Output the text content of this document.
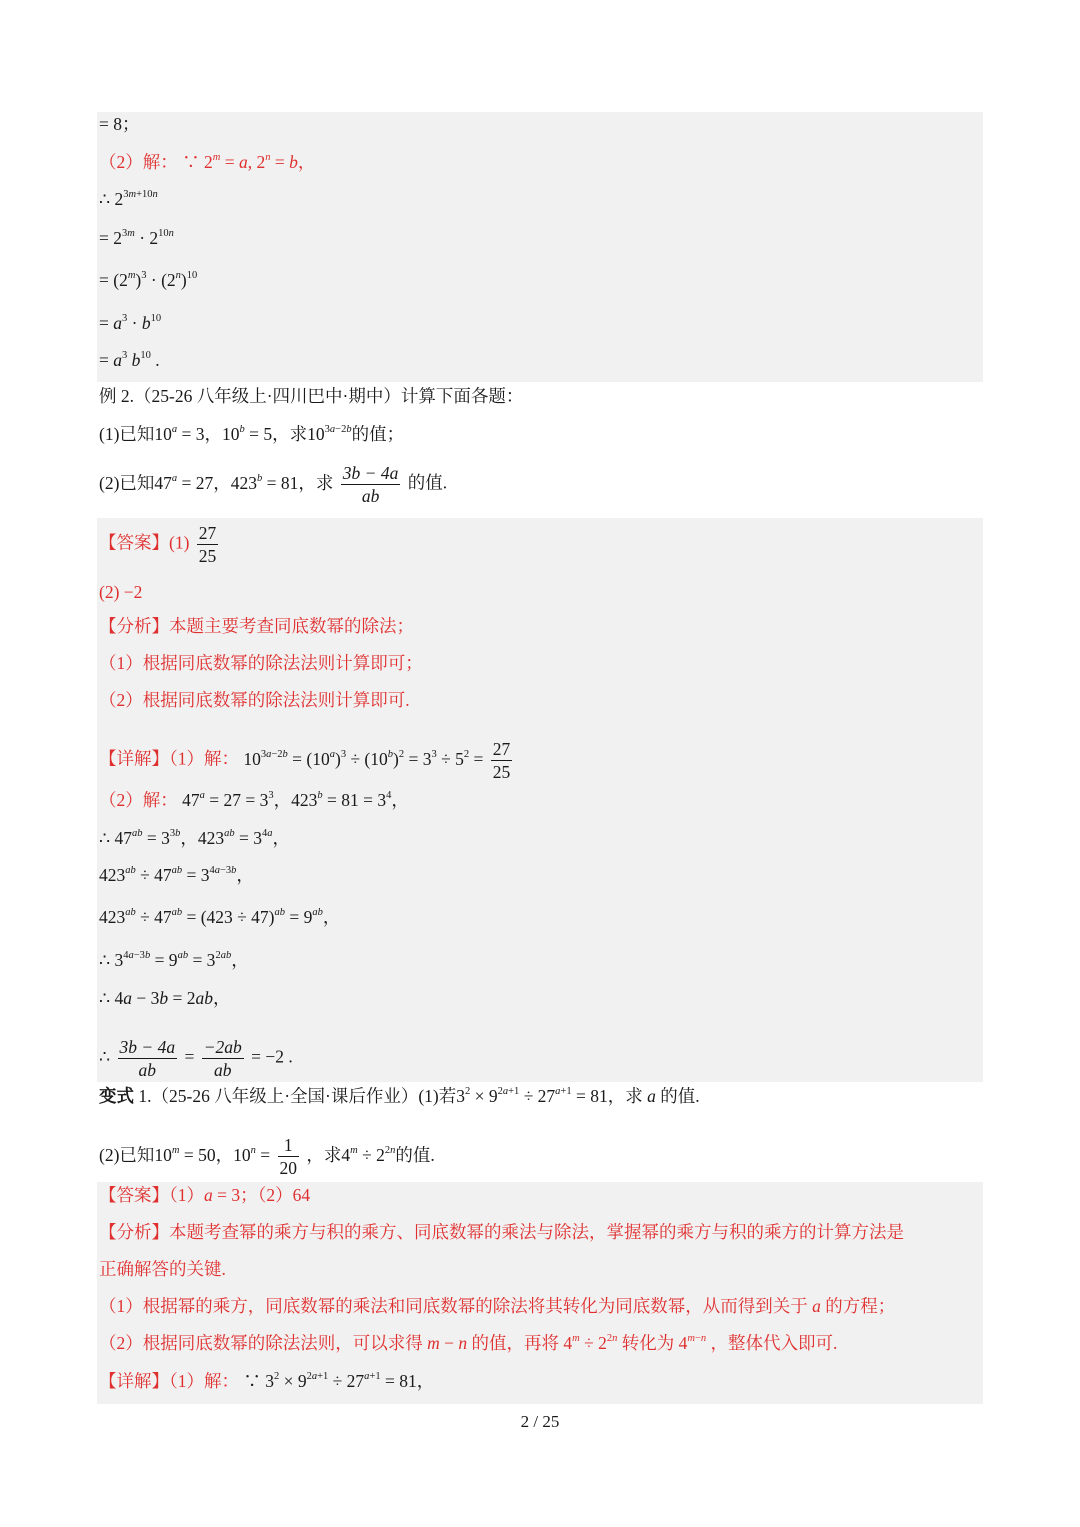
= 8；
（2）解： ∵ $2^m = a$, $2^n = b$，
∴ $2^{3m+10n}$
= $2^{3m} \cdot 2^{10n}$
= $(2^m)^3 \cdot (2^n)^{10}$
= $a^3 \cdot b^{10}$
= $a^3$ $b^{10}$ .
例 2.（25-26 八年级上·四川巴中·期中）计算下面各题：
(1)已知$10^a = 3$，$10^b = 5$，求$10^{3a-2b}$的值；
(2)已知$47^a = 27$，$423^b = 81$，求 $\frac{3b - 4a}{ab}$ 的值.
【答案】$(1) \frac{27}{25}$
(2) −2
【分析】本题主要考查同底数幂的除法；
（1）根据同底数幂的除法法则计算即可；
（2）根据同底数幂的除法法则计算即可.
【详解】（1）解： $10^{3a-2b} = (10^a)^3 \div (10^b)^2 = 3^3 \div 5^2 = \frac{27}{25}$
（2）解： $47^a = 27 = 3^3$，$423^b = 81 = 3^4$，
∴ $47^{ab} = 3^{3b}$，$423^{ab} = 3^{4a}$，
$423^{ab} \div 47^{ab} = 3^{4a-3b}$，
$423^{ab} \div 47^{ab} = (423 \div 47)^{ab} = 9^{ab}$，
∴ $3^{4a-3b} = 9^{ab} = 3^{2ab}$，
∴ 4a − 3b = 2ab，
∴ $\frac{3b - 4a}{ab} = \frac{-2ab}{ab} = -2$ .
变式 1.（25-26 八年级上·全国·课后作业）(1)若$3^2 \times 9^{2a+1} \div 27^{a+1} = 81$，求 a 的值.
(2)已知$10^m = 50$，$10^n = \frac{1}{20}$ ，求$4^m \div 2^{2n}$的值.
【答案】（1）a = 3；（2）64
【分析】本题考查幂的乘方与积的乘方、同底数幂的乘法与除法，掌握幂的乘方与积的乘方的计算方法是
正确解答的关键.
（1）根据幂的乘方，同底数幂的乘法和同底数幂的除法将其转化为同底数幂，从而得到关于 a 的方程；
（2）根据同底数幂的除法法则，可以求得 m − n 的值，再将 $4^m \div 2^{2n}$ 转化为 $4^{m-n}$ ，整体代入即可.
【详解】（1）解： ∵ $3^2 \times 9^{2a+1} \div 27^{a+1} = 81$，
2 / 25
